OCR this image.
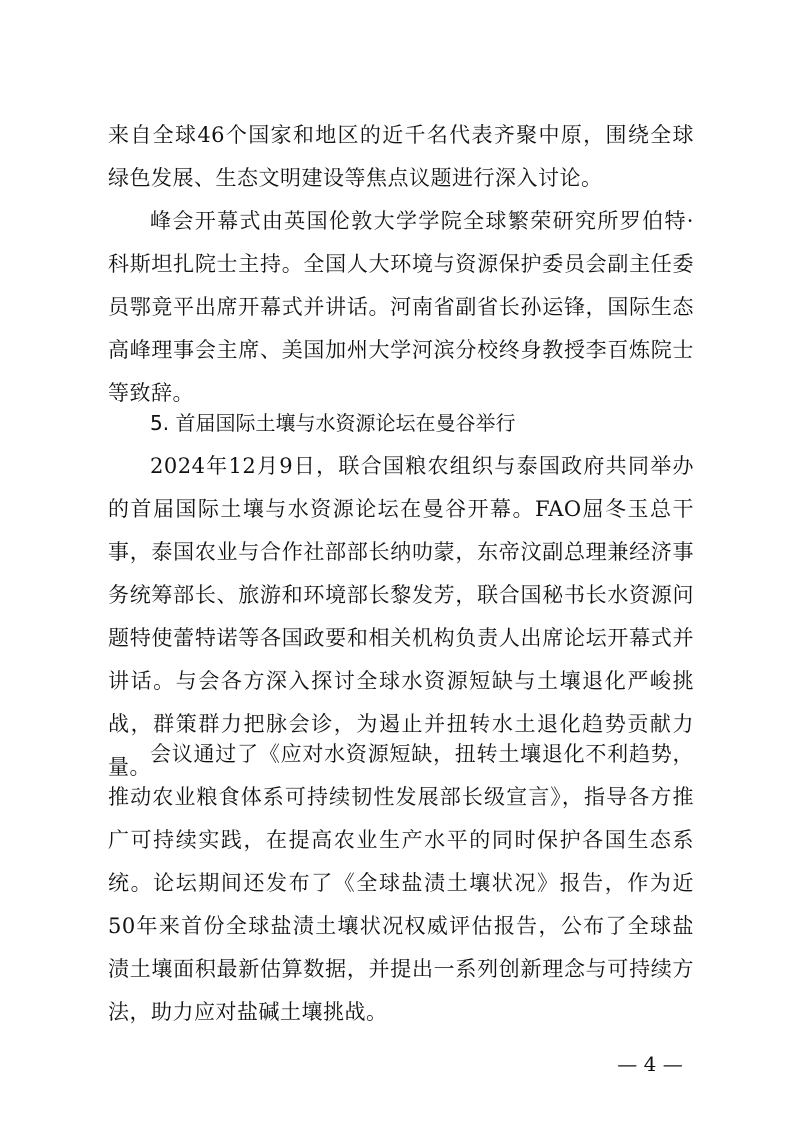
来自全球46个国家和地区的近千名代表齐聚中原，围绕全球绿色发展、生态文明建设等焦点议题进行深入讨论。

峰会开幕式由英国伦敦大学学院全球繁荣研究所罗伯特·科斯坦扎院士主持。全国人大环境与资源保护委员会副主任委员鄂竟平出席开幕式并讲话。河南省副省长孙运锋，国际生态高峰理事会主席、美国加州大学河滨分校终身教授李百炼院士等致辞。

5. 首届国际土壤与水资源论坛在曼谷举行

2024年12月9日，联合国粮农组织与泰国政府共同举办的首届国际土壤与水资源论坛在曼谷开幕。FAO屈冬玉总干事，泰国农业与合作社部部长纳叻蒙，东帝汶副总理兼经济事务统筹部长、旅游和环境部长黎发芳，联合国秘书长水资源问题特使蕾特诺等各国政要和相关机构负责人出席论坛开幕式并讲话。与会各方深入探讨全球水资源短缺与土壤退化严峻挑战，群策群力把脉会诊，为遏止并扭转水土退化趋势贡献力量。

会议通过了《应对水资源短缺，扭转土壤退化不利趋势，推动农业粮食体系可持续韧性发展部长级宣言》，指导各方推广可持续实践，在提高农业生产水平的同时保护各国生态系统。论坛期间还发布了《全球盐渍土壤状况》报告，作为近50年来首份全球盐渍土壤状况权威评估报告，公布了全球盐渍土壤面积最新估算数据，并提出一系列创新理念与可持续方法，助力应对盐碱土壤挑战。

— 4 —
